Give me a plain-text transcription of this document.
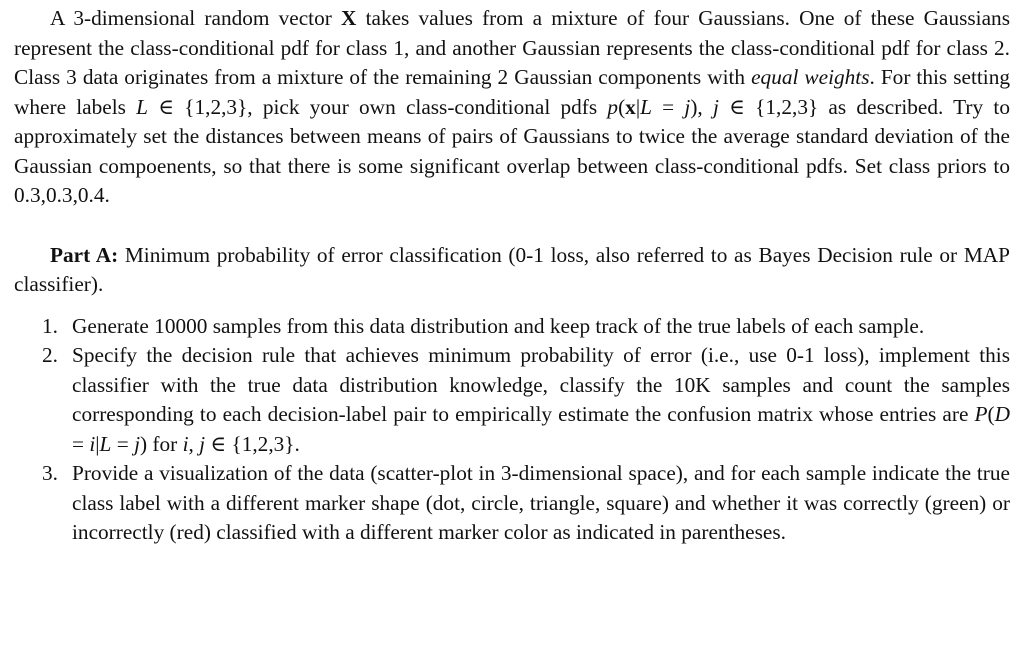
A 3-dimensional random vector X takes values from a mixture of four Gaussians. One of these Gaussians represent the class-conditional pdf for class 1, and another Gaussian represents the class-conditional pdf for class 2. Class 3 data originates from a mixture of the remaining 2 Gaussian components with equal weights. For this setting where labels L ∈ {1,2,3}, pick your own class-conditional pdfs p(x|L = j), j ∈ {1,2,3} as described. Try to approximately set the distances between means of pairs of Gaussians to twice the average standard deviation of the Gaussian compoenents, so that there is some significant overlap between class-conditional pdfs. Set class priors to 0.3,0.3,0.4.

Part A: Minimum probability of error classification (0-1 loss, also referred to as Bayes Decision rule or MAP classifier).

1. Generate 10000 samples from this data distribution and keep track of the true labels of each sample.
2. Specify the decision rule that achieves minimum probability of error (i.e., use 0-1 loss), implement this classifier with the true data distribution knowledge, classify the 10K samples and count the samples corresponding to each decision-label pair to empirically estimate the confusion matrix whose entries are P(D = i|L = j) for i, j ∈ {1,2,3}.
3. Provide a visualization of the data (scatter-plot in 3-dimensional space), and for each sample indicate the true class label with a different marker shape (dot, circle, triangle, square) and whether it was correctly (green) or incorrectly (red) classified with a different marker color as indicated in parentheses.
